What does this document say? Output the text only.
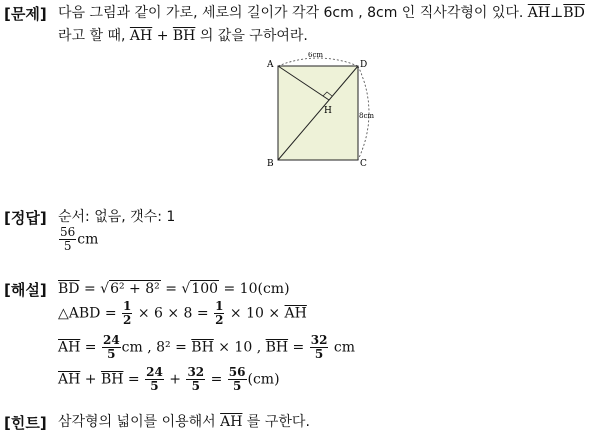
[문제] 다음 그림과 같이 가로, 세로의 길이가 각각 6cm , 8cm 인 직사각형이 있다. $\overline{AH}\perp\overline{BD}$
라고 할 때, $\overline{AH} + \overline{BH}$ 의 값을 구하여라.
A	D
B	C
H
6cm
8cm
[정답] 순서: 없음, 갯수: 1
$\frac{56}{5}$ cm
[해설] $\overline{BD} = √6^2 + 8^2 = √100 = 10(cm)$
△ABD = $\frac{1}{2} \times 6 \times 8 = \frac{1}{2} \times 10 \times \overline{AH}$
$\overline{AH} = \frac{24}{5}$ cm , $8^2 = \overline{BH} \times 10$ , $\overline{BH} = \frac{32}{5}$ cm
$\overline{AH} + \overline{BH} = \frac{24}{5} + \frac{32}{5} = \frac{56}{5} (cm)$
[힌트] 삼각형의 넓이를 이용해서 $\overline{AH}$ 를 구한다.
